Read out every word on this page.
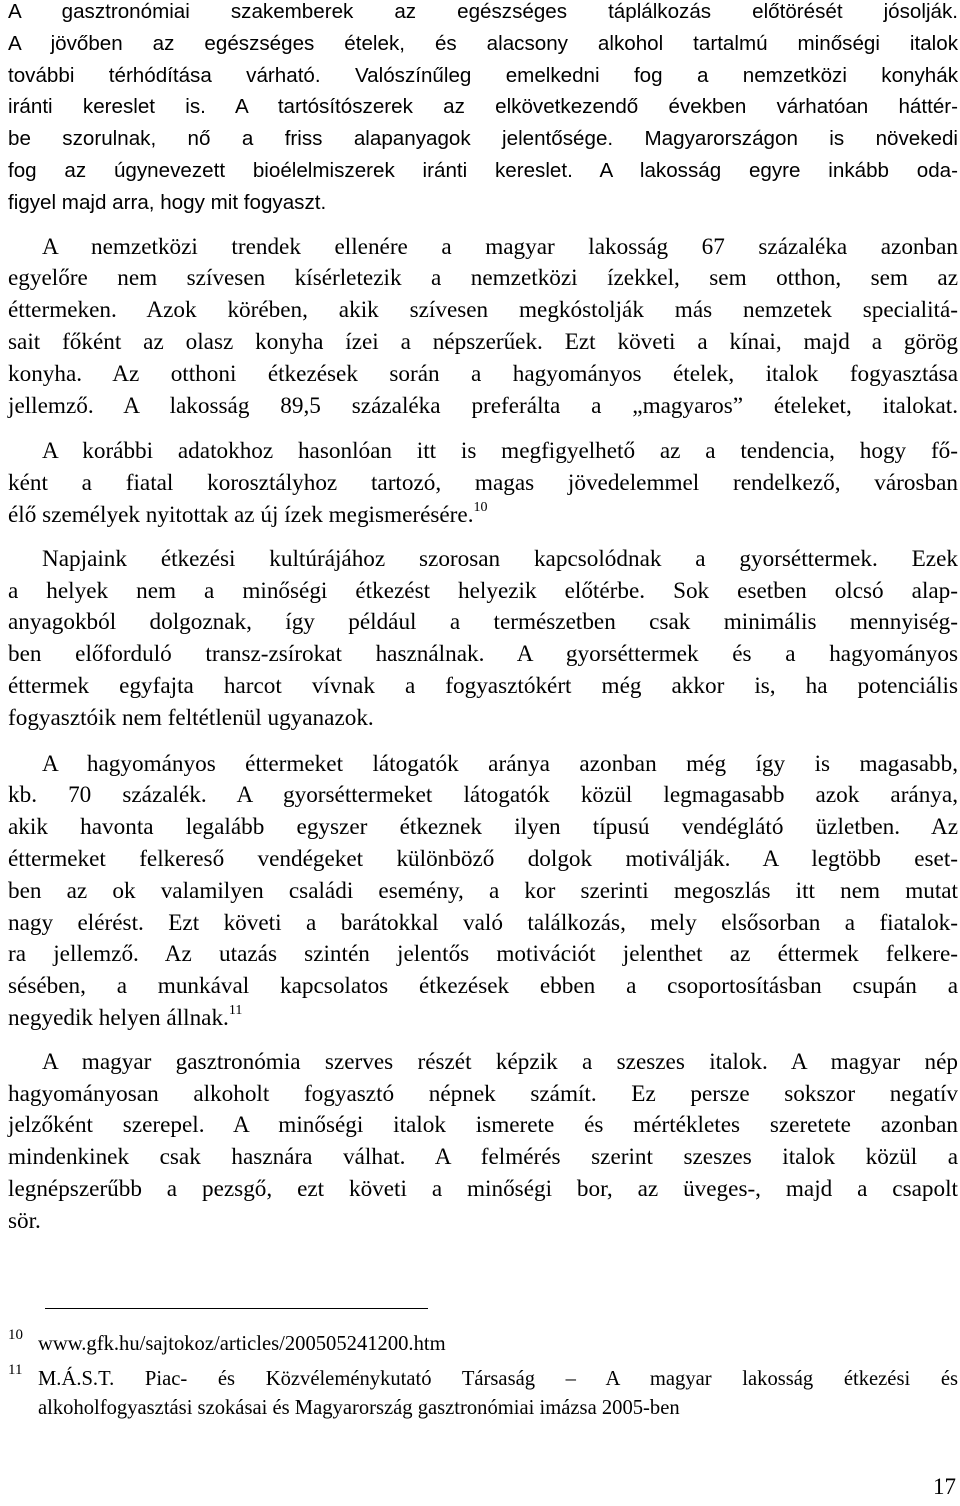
A gasztronómiai szakemberek az egészséges táplálkozás előtörését jósolják.
A jövőben az egészséges ételek, és alacsony alkohol tartalmú minőségi italok
további térhódítása várható. Valószínűleg emelkedni fog a nemzetközi konyhák
iránti kereslet is. A tartósítószerek az elkövetkezendő években várhatóan háttér-
be szorulnak, nő a friss alapanyagok jelentősége. Magyarországon is növekedi
fog az úgynevezett bioélelmiszerek iránti kereslet. A lakosság egyre inkább oda-
figyel majd arra, hogy mit fogyaszt.
A nemzetközi trendek ellenére a magyar lakosság 67 százaléka azonban
egyelőre nem szívesen kísérletezik a nemzetközi ízekkel, sem otthon, sem az
éttermeken. Azok körében, akik szívesen megkóstolják más nemzetek specialitá-
sait főként az olasz konyha ízei a népszerűek. Ezt követi a kínai, majd a görög
konyha. Az otthoni étkezések során a hagyományos ételek, italok fogyasztása
jellemző. A lakosság 89,5 százaléka preferálta a „magyaros” ételeket, italokat.
A korábbi adatokhoz hasonlóan itt is megfigyelhető az a tendencia, hogy fő-
ként a fiatal korosztályhoz tartozó, magas jövedelemmel rendelkező, városban
élő személyek nyitottak az új ízek megismerésére.$^{10}$
Napjaink étkezési kultúrájához szorosan kapcsolódnak a gyorséttermek. Ezek
a helyek nem a minőségi étkezést helyezik előtérbe. Sok esetben olcsó alap-
anyagokból dolgoznak, így például a természetben csak minimális mennyiség-
ben előforduló transz-zsírokat használnak. A gyorséttermek és a hagyományos
éttermek egyfajta harcot vívnak a fogyasztókért még akkor is, ha potenciális
fogyasztóik nem feltétlenül ugyanazok.
A hagyományos éttermeket látogatók aránya azonban még így is magasabb,
kb. 70 százalék. A gyorséttermeket látogatók közül legmagasabb azok aránya,
akik havonta legalább egyszer étkeznek ilyen típusú vendéglátó üzletben. Az
éttermeket felkereső vendégeket különböző dolgok motiválják. A legtöbb eset-
ben az ok valamilyen családi esemény, a kor szerinti megoszlás itt nem mutat
nagy elérést. Ezt követi a barátokkal való találkozás, mely elsősorban a fiatalok-
ra jellemző. Az utazás szintén jelentős motivációt jelenthet az éttermek felkere-
sésében, a munkával kapcsolatos étkezések ebben a csoportosításban csupán a
negyedik helyen állnak.$^{11}$
A magyar gasztronómia szerves részét képzik a szeszes italok. A magyar nép
hagyományosan alkoholt fogyasztó népnek számít. Ez persze sokszor negatív
jelzőként szerepel. A minőségi italok ismerete és mértékletes szeretete azonban
mindenkinek csak hasznára válhat. A felmérés szerint szeszes italok közül a
legnépszerűbb a pezsgő, ezt követi a minőségi bor, az üveges-, majd a csapolt
sör.
10 www.gfk.hu/sajtokoz/articles/200505241200.htm
11 M.Á.S.T. Piac- és Közvéleménykutató Társaság – A magyar lakosság étkezési és
alkoholfogyasztási szokásai és Magyarország gasztronómiai imázsa 2005-ben
17
